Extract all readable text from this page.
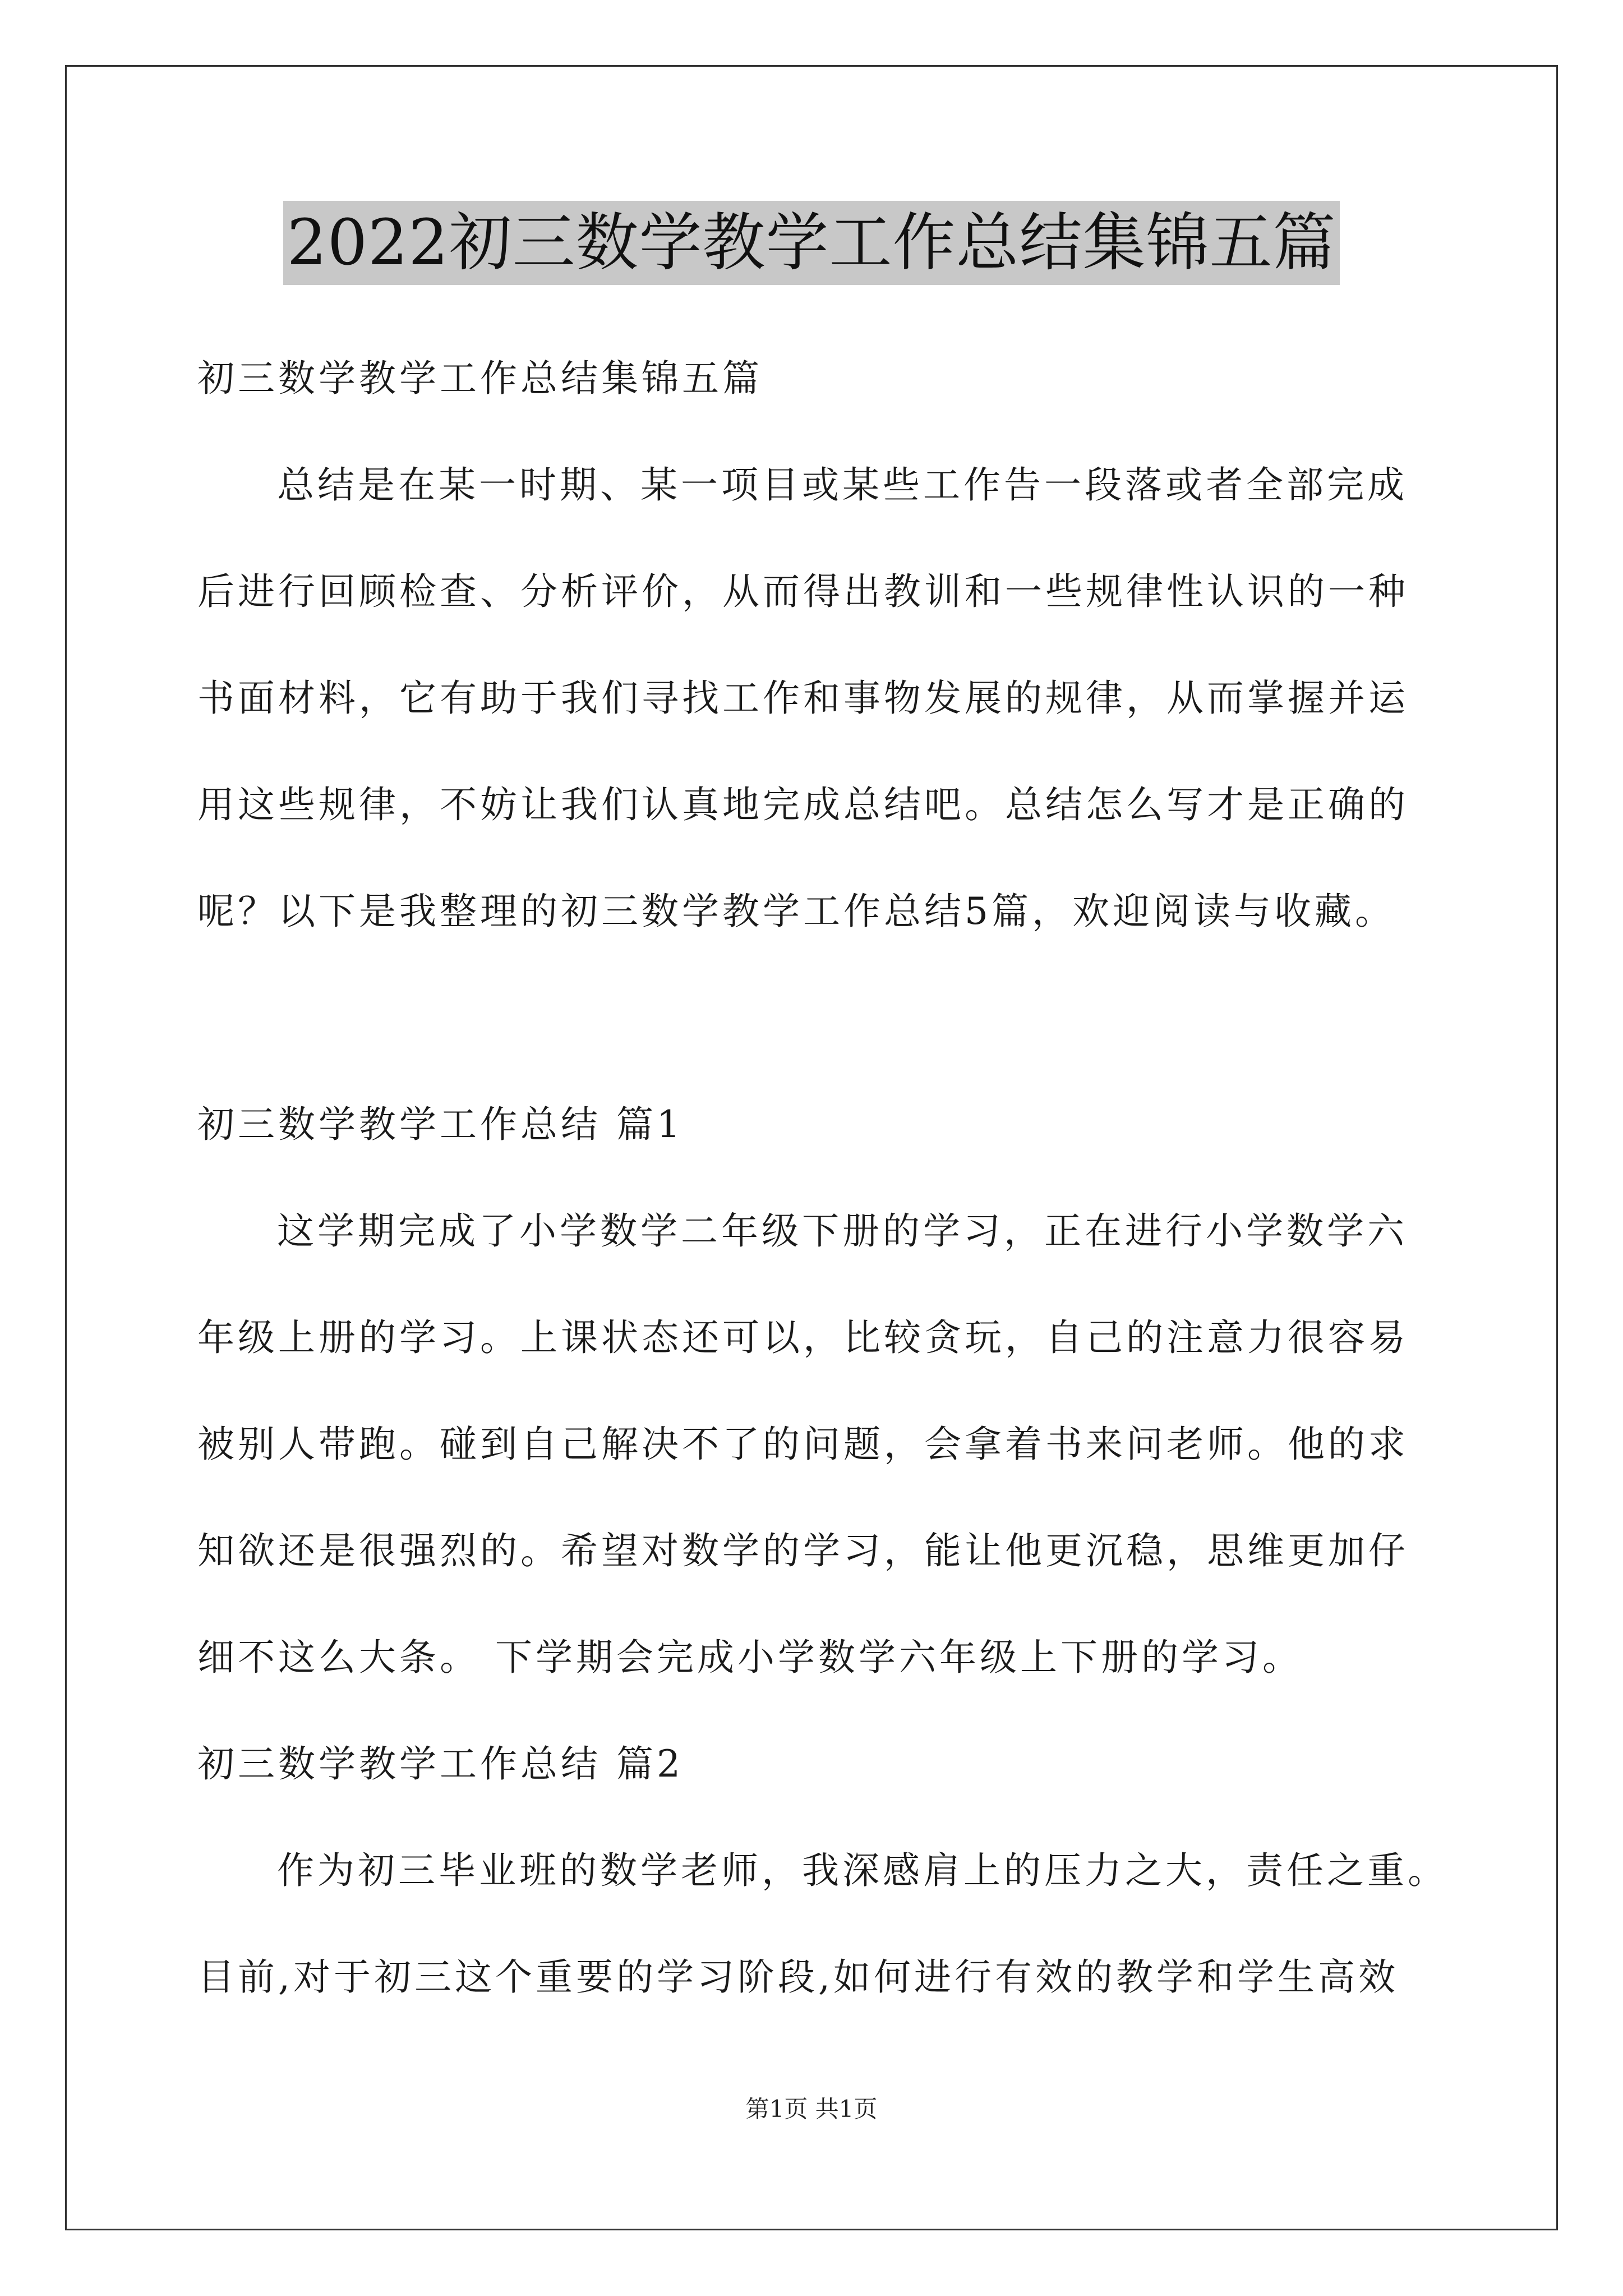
2022初三数学教学工作总结集锦五篇
初三数学教学工作总结集锦五篇
总结是在某一时期、某一项目或某些工作告一段落或者全部完成
后进行回顾检查、分析评价，从而得出教训和一些规律性认识的一种
书面材料，它有助于我们寻找工作和事物发展的规律，从而掌握并运
用这些规律，不妨让我们认真地完成总结吧。总结怎么写才是正确的
呢？以下是我整理的初三数学教学工作总结5篇，欢迎阅读与收藏。
初三数学教学工作总结 篇1
这学期完成了小学数学二年级下册的学习，正在进行小学数学六
年级上册的学习。上课状态还可以，比较贪玩，自己的注意力很容易
被别人带跑。碰到自己解决不了的问题，会拿着书来问老师。他的求
知欲还是很强烈的。希望对数学的学习，能让他更沉稳，思维更加仔
细不这么大条。 下学期会完成小学数学六年级上下册的学习。
初三数学教学工作总结 篇2
作为初三毕业班的数学老师，我深感肩上的压力之大，责任之重。
目前,对于初三这个重要的学习阶段,如何进行有效的教学和学生高效
第1页 共1页
